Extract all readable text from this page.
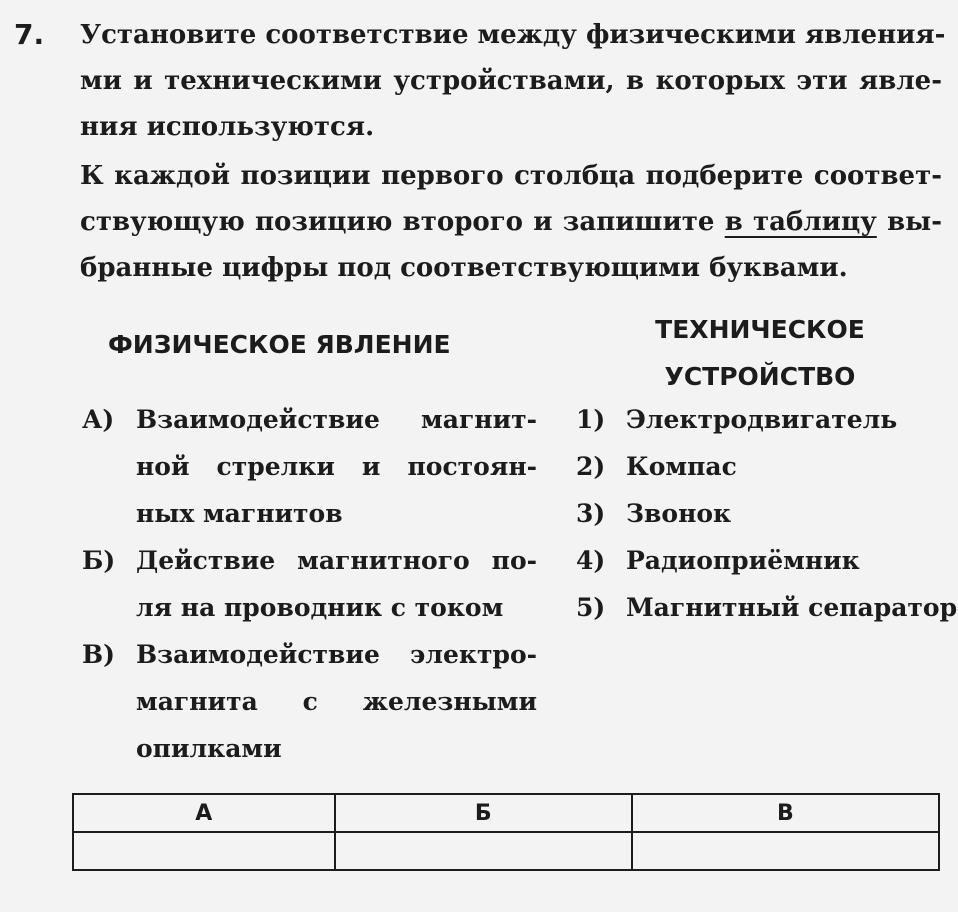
7. Установите соответствие между физическими явления-
ми и техническими устройствами, в которых эти явле-
ния используются.
К каждой позиции первого столбца подберите соответ-
ствующую позицию второго и запишите в таблицу вы-
бранные цифры под соответствующими буквами.
ФИЗИЧЕСКОЕ ЯВЛЕНИЕ
ТЕХНИЧЕСКОЕ
УСТРОЙСТВО
А) Взаимодействие магнит-
ной стрелки и постоян-
ных магнитов
Б) Действие магнитного по-
ля на проводник с током
В) Взаимодействие электро-
магнита с железными
опилками
1) Электродвигатель
2) Компас
3) Звонок
4) Радиоприёмник
5) Магнитный сепаратор
А	Б	В
